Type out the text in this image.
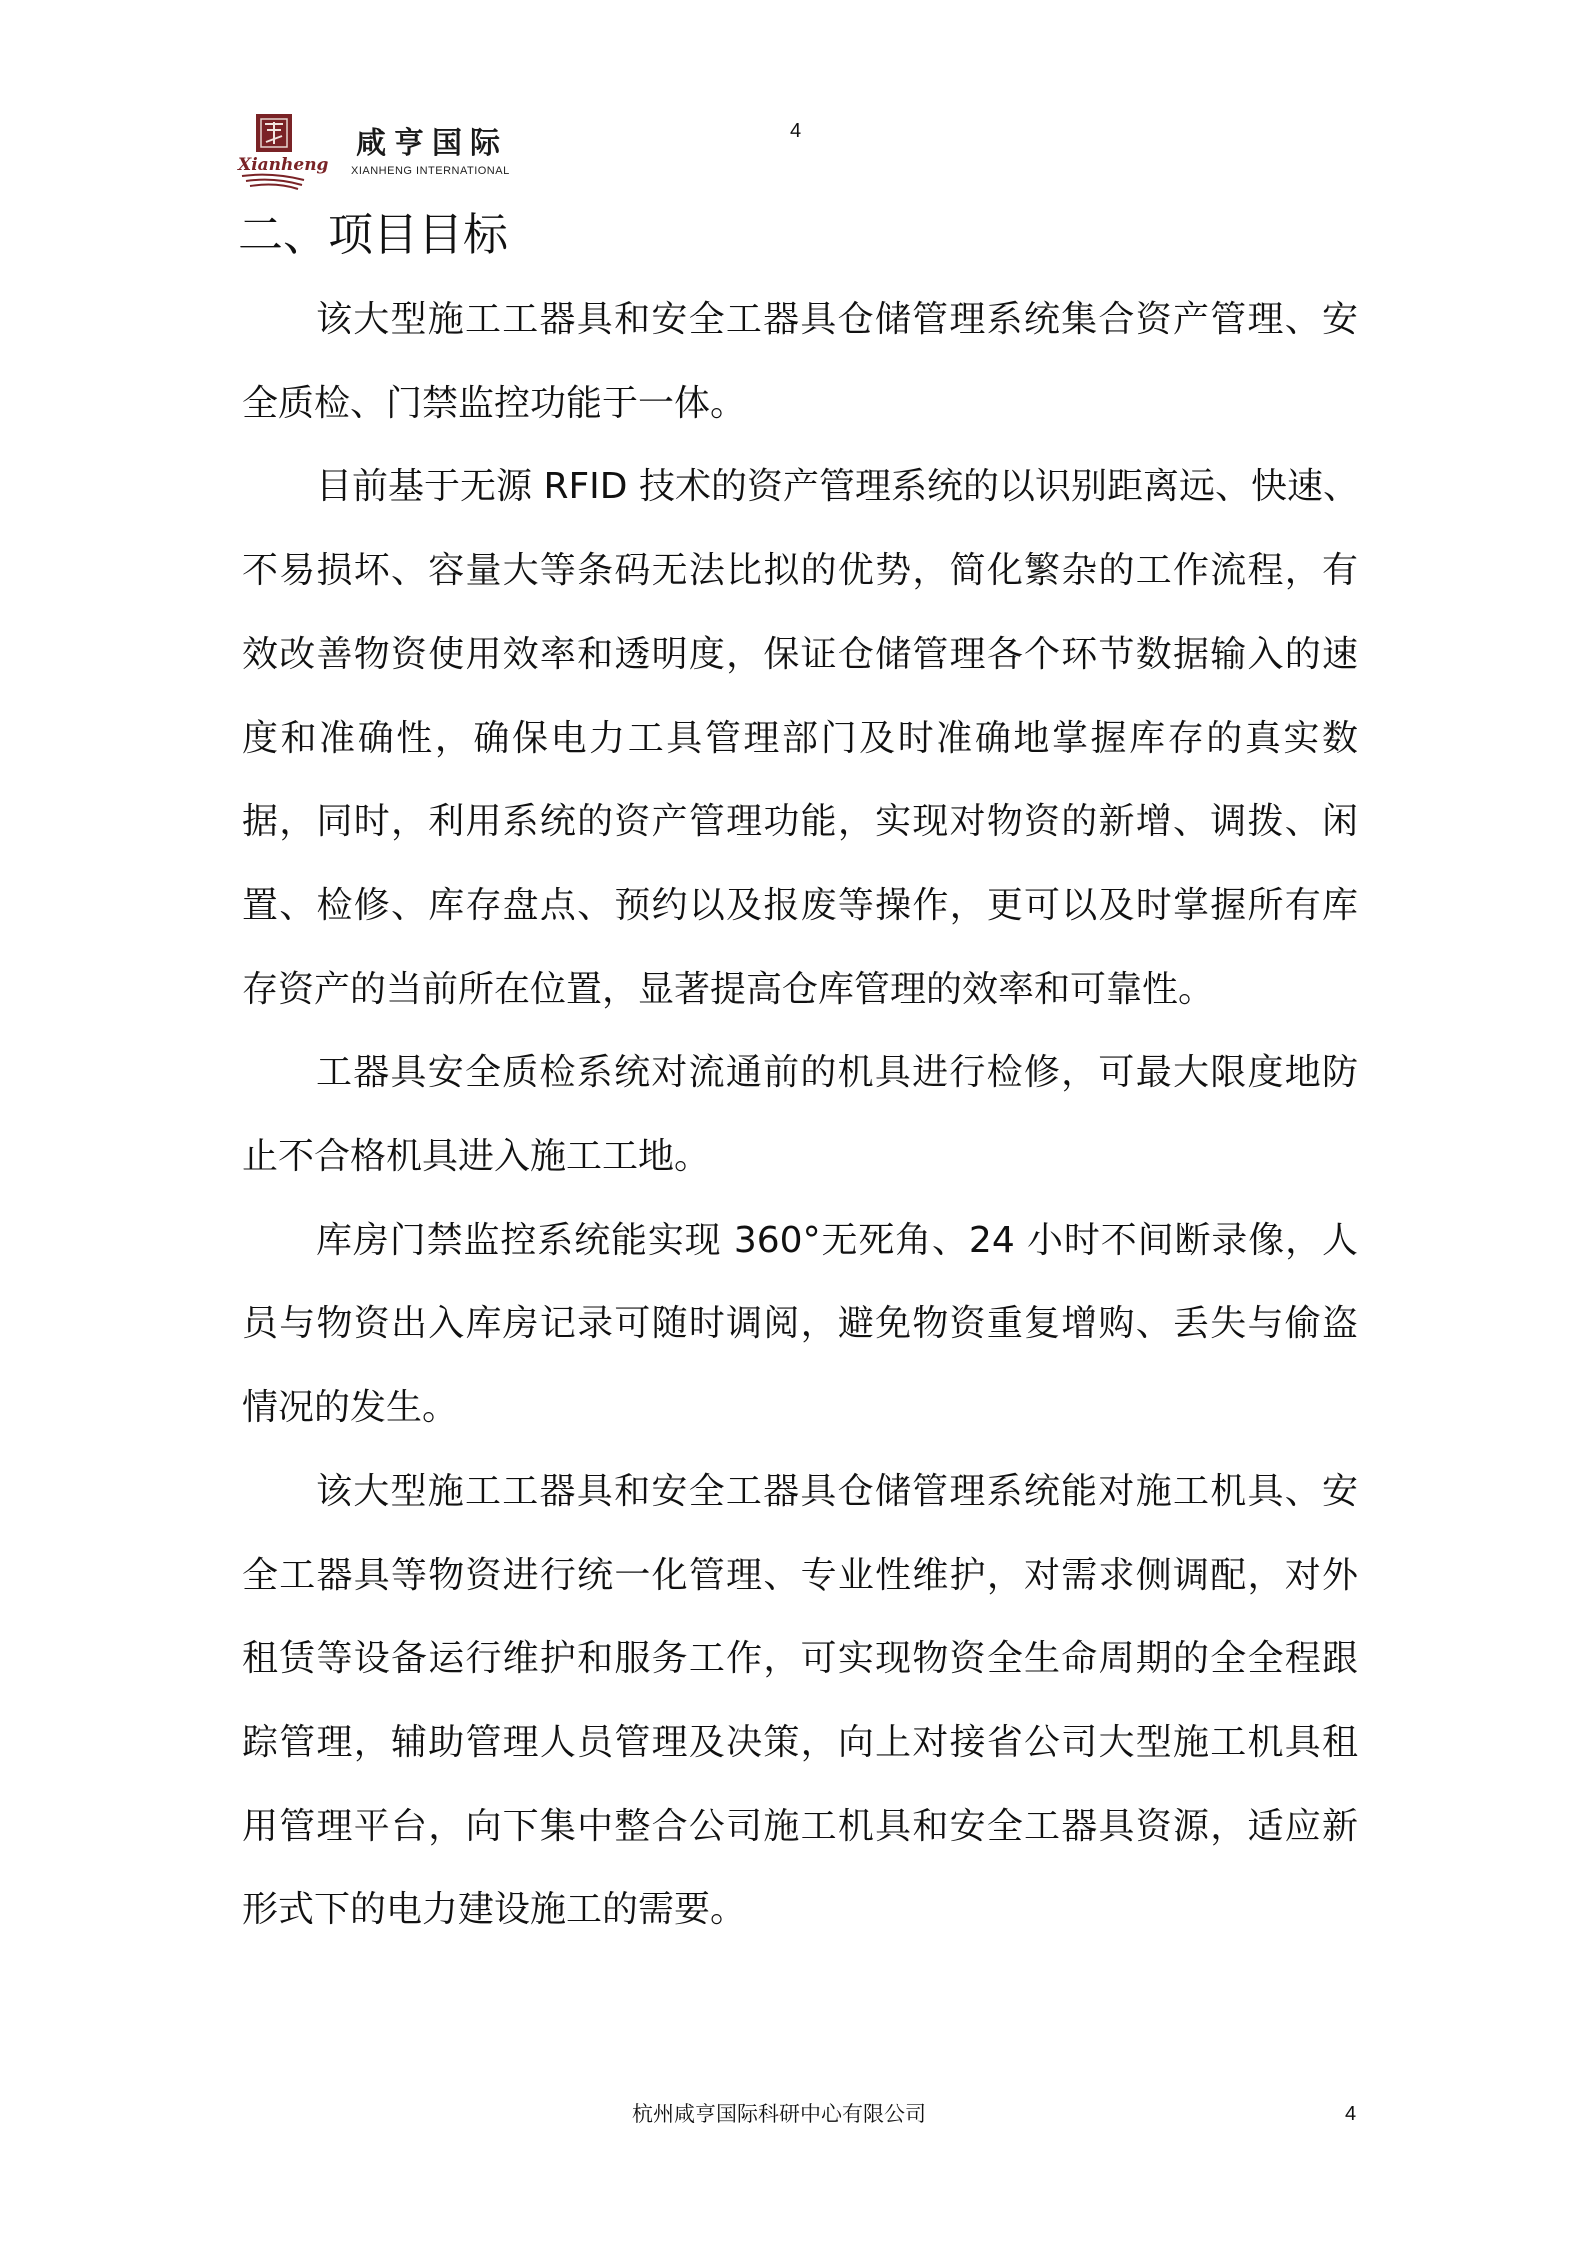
Xianheng
咸亨国际
XIANHENG INTERNATIONAL
4
二、项目目标
该大型施工工器具和安全工器具仓储管理系统集合资产管理、安
全质检、门禁监控功能于一体。
目前基于无源 RFID 技术的资产管理系统的以识别距离远、快速、
不易损坏、容量大等条码无法比拟的优势，简化繁杂的工作流程，有
效改善物资使用效率和透明度，保证仓储管理各个环节数据输入的速
度和准确性，确保电力工具管理部门及时准确地掌握库存的真实数
据，同时，利用系统的资产管理功能，实现对物资的新增、调拨、闲
置、检修、库存盘点、预约以及报废等操作，更可以及时掌握所有库
存资产的当前所在位置，显著提高仓库管理的效率和可靠性。
工器具安全质检系统对流通前的机具进行检修，可最大限度地防
止不合格机具进入施工工地。
库房门禁监控系统能实现 360°无死角、24 小时不间断录像，人
员与物资出入库房记录可随时调阅，避免物资重复增购、丢失与偷盗
情况的发生。
该大型施工工器具和安全工器具仓储管理系统能对施工机具、安
全工器具等物资进行统一化管理、专业性维护，对需求侧调配，对外
租赁等设备运行维护和服务工作，可实现物资全生命周期的全全程跟
踪管理，辅助管理人员管理及决策，向上对接省公司大型施工机具租
用管理平台，向下集中整合公司施工机具和安全工器具资源，适应新
形式下的电力建设施工的需要。
杭州咸亨国际科研中心有限公司	4
